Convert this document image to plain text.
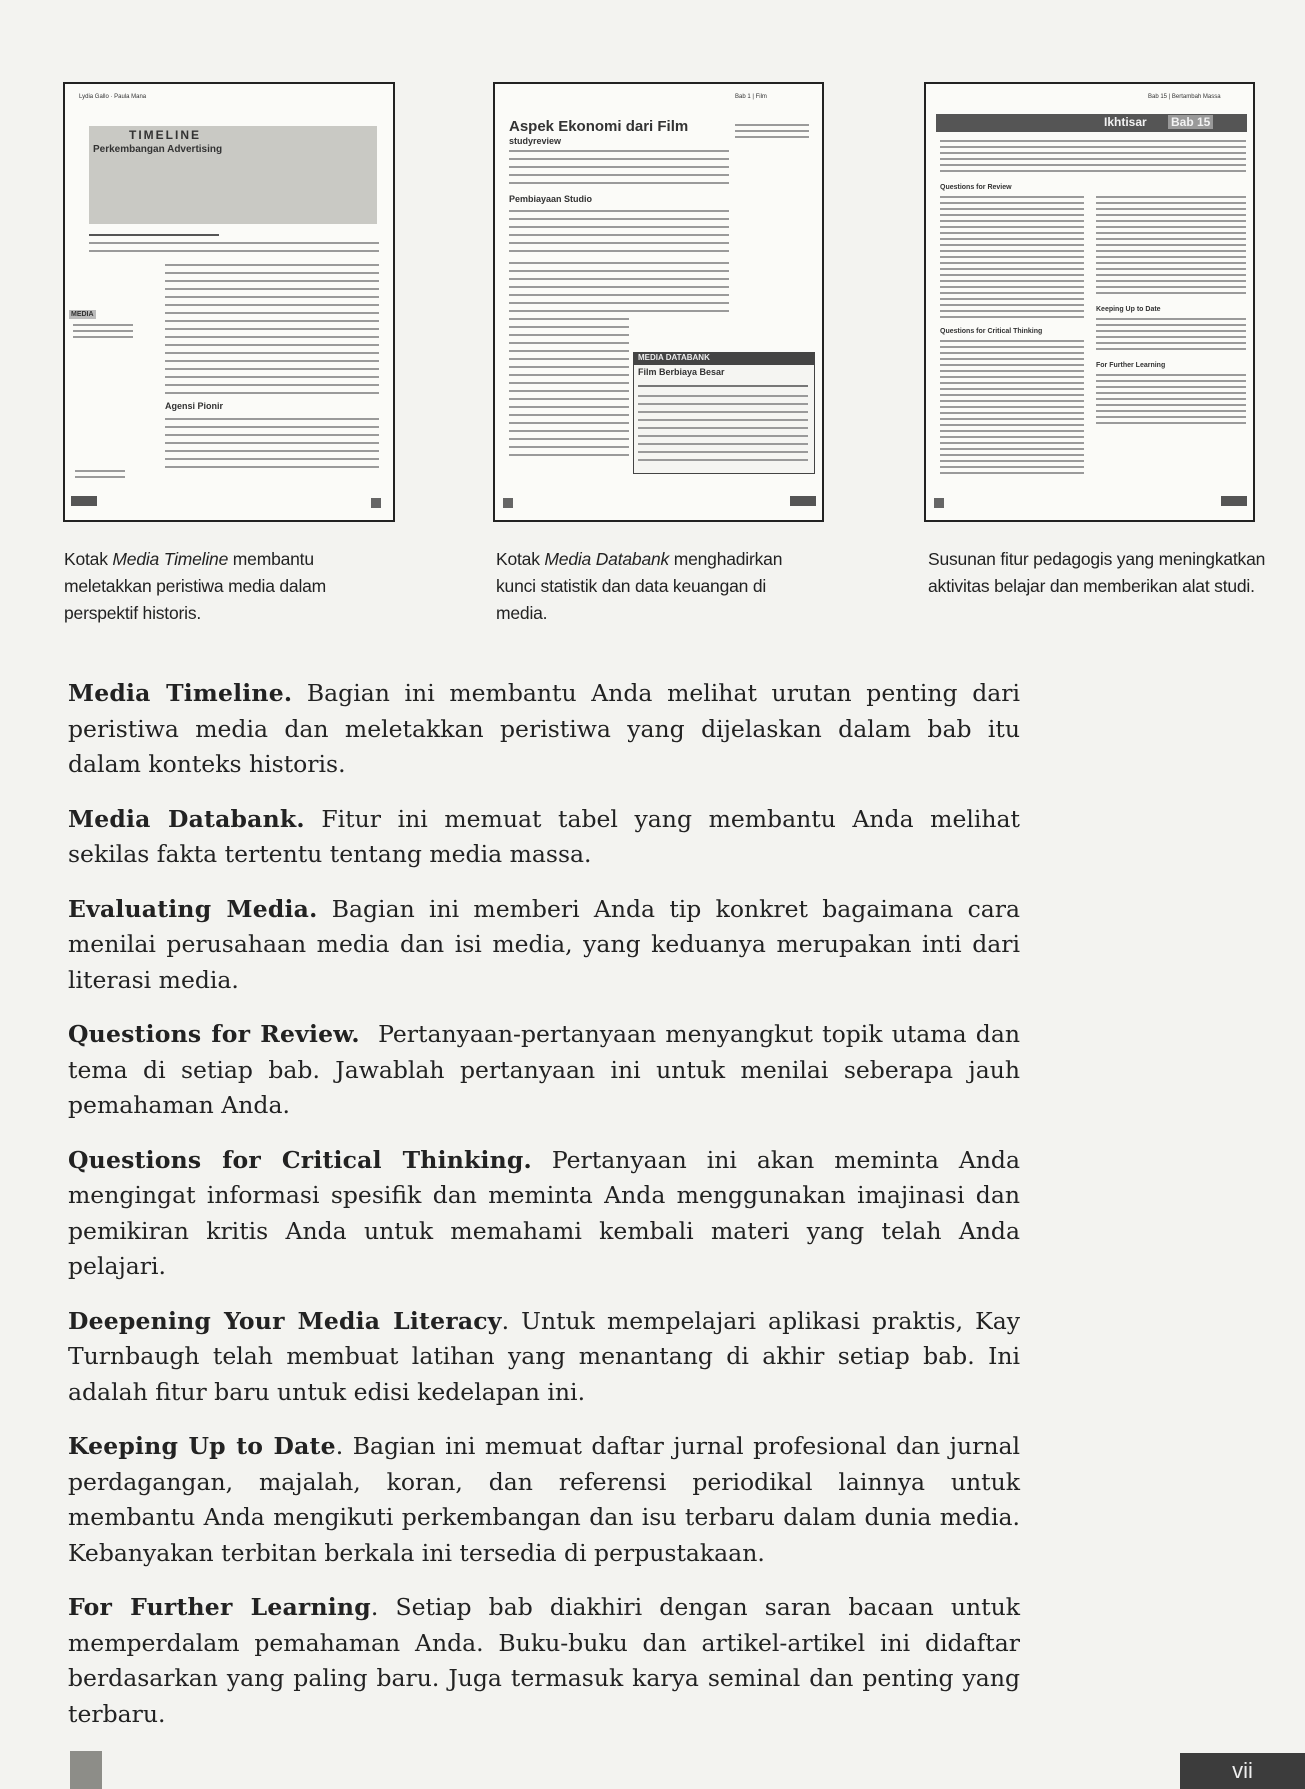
Lydia Gallo · Paula Mana
TIMELINE
Perkembangan Advertising
MEDIA
Agensi Pionir
Bab 1 | Film
Aspek Ekonomi dari Film
studyreview
Pembiayaan Studio
MEDIA DATABANK
Film Berbiaya Besar
Bab 15 | Bertambah Massa
Ikhtisar Bab 15
Questions for Review
Questions for Critical Thinking
Keeping Up to Date
For Further Learning
Kotak Media Timeline membantu meletakkan peristiwa media dalam perspektif historis.
Kotak Media Databank menghadirkan kunci statistik dan data keuangan di media.
Susunan fitur pedagogis yang meningkatkan aktivitas belajar dan memberikan alat studi.

Media Timeline. Bagian ini membantu Anda melihat urutan penting dari peristiwa media dan meletakkan peristiwa yang dijelaskan dalam bab itu dalam konteks historis.

Media Databank. Fitur ini memuat tabel yang membantu Anda melihat sekilas fakta tertentu tentang media massa.

Evaluating Media. Bagian ini memberi Anda tip konkret bagaimana cara menilai perusahaan media dan isi media, yang keduanya merupakan inti dari literasi media.

Questions for Review.  Pertanyaan-pertanyaan menyangkut topik utama dan tema di setiap bab. Jawablah pertanyaan ini untuk menilai seberapa jauh pemahaman Anda.

Questions for Critical Thinking. Pertanyaan ini akan meminta Anda mengingat informasi spesifik dan meminta Anda menggunakan imajinasi dan pemikiran kritis Anda untuk memahami kembali materi yang telah Anda pelajari.

Deepening Your Media Literacy. Untuk mempelajari aplikasi praktis, Kay Turnbaugh telah membuat latihan yang menantang di akhir setiap bab. Ini adalah fitur baru untuk edisi kedelapan ini.

Keeping Up to Date. Bagian ini memuat daftar jurnal profesional dan jurnal perdagangan, majalah, koran, dan referensi periodikal lainnya untuk membantu Anda mengikuti perkembangan dan isu terbaru dalam dunia media. Kebanyakan terbitan berkala ini tersedia di perpustakaan.

For Further Learning. Setiap bab diakhiri dengan saran bacaan untuk memperdalam pemahaman Anda. Buku-buku dan artikel-artikel ini didaftar berdasarkan yang paling baru. Juga termasuk karya seminal dan penting yang terbaru.

vii
